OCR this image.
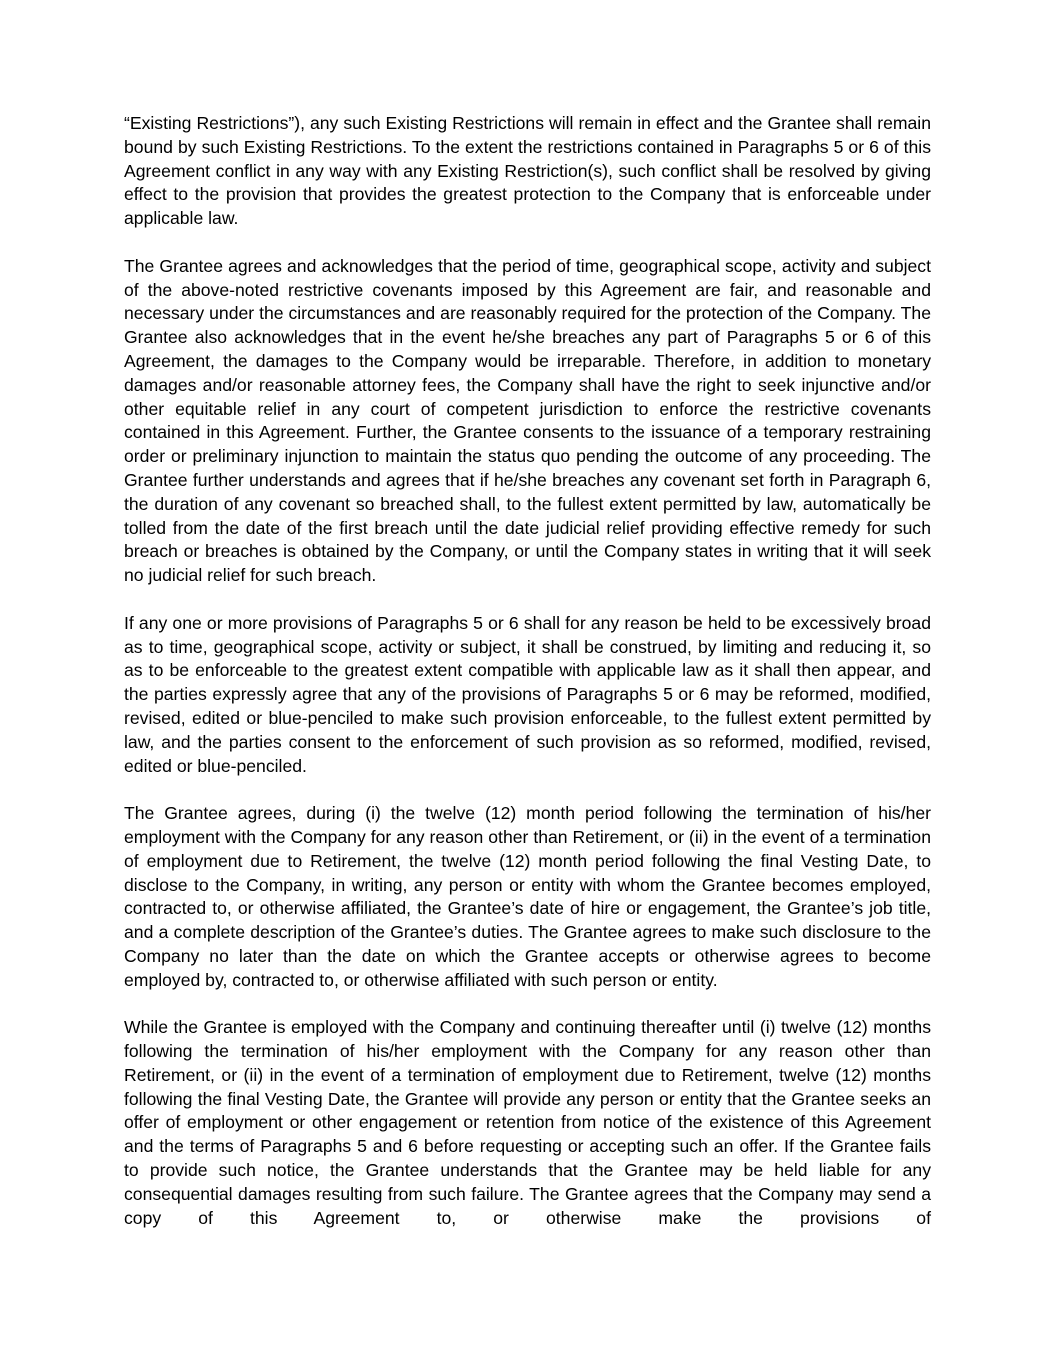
“Existing Restrictions”), any such Existing Restrictions will remain in effect and the Grantee shall remain bound by such Existing Restrictions. To the extent the restrictions contained in Paragraphs 5 or 6 of this Agreement conflict in any way with any Existing Restriction(s), such conflict shall be resolved by giving effect to the provision that provides the greatest protection to the Company that is enforceable under applicable law.

The Grantee agrees and acknowledges that the period of time, geographical scope, activity and subject of the above-noted restrictive covenants imposed by this Agreement are fair, and reasonable and necessary under the circumstances and are reasonably required for the protection of the Company. The Grantee also acknowledges that in the event he/she breaches any part of Paragraphs 5 or 6 of this Agreement, the damages to the Company would be irreparable. Therefore, in addition to monetary damages and/or reasonable attorney fees, the Company shall have the right to seek injunctive and/or other equitable relief in any court of competent jurisdiction to enforce the restrictive covenants contained in this Agreement. Further, the Grantee consents to the issuance of a temporary restraining order or preliminary injunction to maintain the status quo pending the outcome of any proceeding. The Grantee further understands and agrees that if he/she breaches any covenant set forth in Paragraph 6, the duration of any covenant so breached shall, to the fullest extent permitted by law, automatically be tolled from the date of the first breach until the date judicial relief providing effective remedy for such breach or breaches is obtained by the Company, or until the Company states in writing that it will seek no judicial relief for such breach.

If any one or more provisions of Paragraphs 5 or 6 shall for any reason be held to be excessively broad as to time, geographical scope, activity or subject, it shall be construed, by limiting and reducing it, so as to be enforceable to the greatest extent compatible with applicable law as it shall then appear, and the parties expressly agree that any of the provisions of Paragraphs 5 or 6 may be reformed, modified, revised, edited or blue-penciled to make such provision enforceable, to the fullest extent permitted by law, and the parties consent to the enforcement of such provision as so reformed, modified, revised, edited or blue-penciled.

The Grantee agrees, during (i) the twelve (12) month period following the termination of his/her employment with the Company for any reason other than Retirement, or (ii) in the event of a termination of employment due to Retirement, the twelve (12) month period following the final Vesting Date, to disclose to the Company, in writing, any person or entity with whom the Grantee becomes employed, contracted to, or otherwise affiliated, the Grantee’s date of hire or engagement, the Grantee’s job title, and a complete description of the Grantee’s duties. The Grantee agrees to make such disclosure to the Company no later than the date on which the Grantee accepts or otherwise agrees to become employed by, contracted to, or otherwise affiliated with such person or entity.

While the Grantee is employed with the Company and continuing thereafter until (i) twelve (12) months following the termination of his/her employment with the Company for any reason other than Retirement, or (ii) in the event of a termination of employment due to Retirement, twelve (12) months following the final Vesting Date, the Grantee will provide any person or entity that the Grantee seeks an offer of employment or other engagement or retention from notice of the existence of this Agreement and the terms of Paragraphs 5 and 6 before requesting or accepting such an offer. If the Grantee fails to provide such notice, the Grantee understands that the Grantee may be held liable for any consequential damages resulting from such failure. The Grantee agrees that the Company may send a copy of this Agreement to, or otherwise make the provisions of
